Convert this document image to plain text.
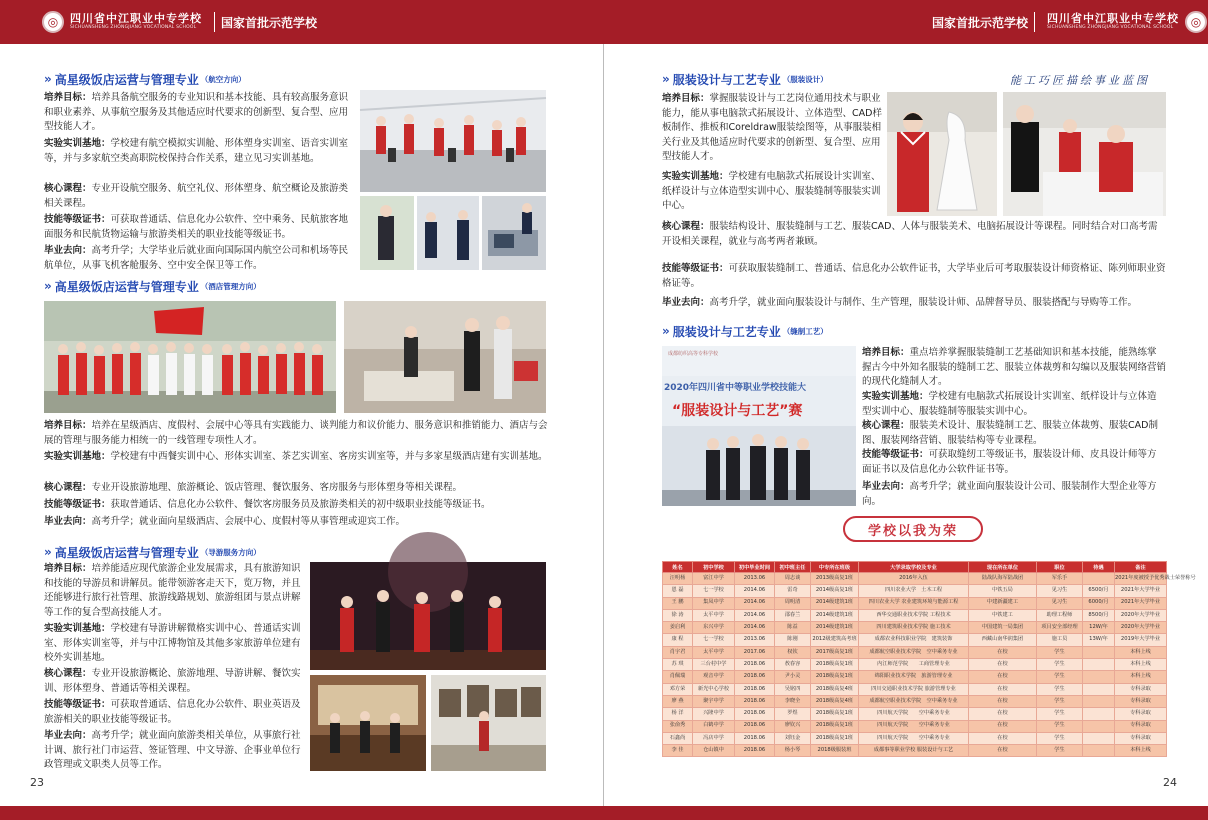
◎	四川省中江职业中专学校
SICHUANSHENG ZHONGJIANG VOCATIONAL SCHOOL	国家首批示范学校	国家首批示范学校 四川省中江职业中专学校
SICHUANSHENG ZHONGJIANG VOCATIONAL SCHOOL	◎
23	24
» 高星级饭店运营与管理专业 （航空方向）
培养目标：培养具备航空服务的专业知识和基本技能、具有较高服务意识和职业素养、从事航空服务及其他适应时代要求的创新型、复合型、应用型技能人才。
实验实训基地：学校建有航空模拟实训舱、形体塑身实训室、语音实训室等，并与多家航空类高职院校保持合作关系，建立见习实训基地。
核心课程：专业开设航空服务、航空礼仪、形体塑身、航空概论及旅游类相关课程。
技能等级证书：可获取普通话、信息化办公软件、空中乘务、民航旅客地面服务和民航货物运输与旅游类相关的职业技能等级证书。
毕业去向：高考升学；大学毕业后就业面向国际国内航空公司和机场等民航单位，从事飞机客舱服务、空中安全保卫等工作。
» 高星级饭店运营与管理专业 （酒店管理方向）
培养目标：培养在星级酒店、度假村、会展中心等具有实践能力、谈判能力和议价能力、服务意识和推销能力、酒店与会展的管理与服务能力相统一的一线管理专项性人才。
实验实训基地：学校建有中西餐实训中心、形体实训室、茶艺实训室、客房实训室等，并与多家星级酒店建有实训基地。
核心课程：专业开设旅游地理、旅游概论、饭店管理、餐饮服务、客房服务与形体塑身等相关课程。
技能等级证书：获取普通话、信息化办公软件、餐饮客房服务员及旅游类相关的初中级职业技能等级证书。
毕业去向：高考升学；就业面向星级酒店、会展中心、度假村等从事管理或迎宾工作。
» 高星级饭店运营与管理专业 （导游服务方向）
培养目标：培养能适应现代旅游企业发展需求，具有旅游知识和技能的导游员和讲解员。能带领游客走天下，览万物，并且还能够进行旅行社管理、旅游线路规划、旅游组团与景点讲解等工作的复合型高技能人才。
实验实训基地：学校建有导游讲解微格实训中心、普通话实训室、形体实训室等，并与中江博物馆及其他多家旅游单位建有校外实训基地。
核心课程：专业开设旅游概论、旅游地理、导游讲解、餐饮实训、形体塑身、普通话等相关课程。
技能等级证书：可获取普通话、信息化办公软件、职业英语及旅游相关的职业技能等级证书。
毕业去向：高考升学；就业面向旅游类相关单位，从事旅行社计调、旅行社门市运营、签证管理、中文导游、企事业单位行政管理或文职类人员等工作。
» 服装设计与工艺专业 （服装设计）	能工巧匠描绘事业蓝图
培养目标：掌握服装设计与工艺岗位通用技术与职业能力，能从事电脑款式拓展设计、立体造型、CAD样板制作、推板和Coreldraw服装绘图等，从事服装相关行业及其他适应时代要求的创新型、复合型、应用型技能人才。
实验实训基地：学校建有电脑款式拓展设计实训室、纸样设计与立体造型实训中心、服装缝制等服装实训中心。
核心课程：服装结构设计、服装缝制与工艺、服装CAD、人体与服装美术、电脑拓展设计等课程。同时结合对口高考需开设相关课程，就业与高考两者兼顾。
技能等级证书：可获取服装缝制工、普通话、信息化办公软件证书，大学毕业后可考取服装设计师资格证、陈列师职业资格证等。
毕业去向：高考升学，就业面向服装设计与制作、生产管理，服装设计师、品牌督导员、服装搭配与导购等工作。
» 服装设计与工艺专业 （缝制工艺）
成都纺织高等专科学校
2020年四川省中等职业学校技能大
“服装设计与工艺”赛
培养目标：重点培养掌握服装缝制工艺基础知识和基本技能，能熟练掌握古今中外知名服装的缝制工艺、服装立体裁剪和勾编以及服装网络营销的现代化缝制人才。
实验实训基地：学校建有电脑款式拓展设计实训室、纸样设计与立体造型实训中心、服装缝制等服装实训中心。
核心课程：服装美术设计、服装缝制工艺、服装立体裁剪、服装CAD制图、服装网络营销、服装结构等专业课程。
技能等级证书：可获取缝纫工等级证书，服装设计师、皮具设计师等方面证书以及信息化办公软件证书等。
毕业去向：高考升学；就业面向服装设计公司、服装制作大型企业等方向。
学校以我为荣
姓名	初中学校	初中毕业时间	初中班主任	中专所在班级	大学录取学校及专业	现在所在单位	职位	待遇	备注
汪明杨	富江中学	2013.06	周志谈	2013级高复1班	2016年入伍	陆战队海军陆战团	军乐手		2021年度被授予优秀战士荣誉称号
恩 磊	七一学校	2014.06	雷奇	2014级高复1班	四川农业大学　土木工程	中铁五局	见习生	6500/月	2021年大学毕业
王 鹏	集凤中学	2014.06	周明清	2014级建筑1班	四川农业大学 农业建筑环境与能源工程	中建新疆建工	见习生	6000/月	2021年大学毕业
徐 涛	太平中学	2014.06	邵春兰	2014级建筑1班	西华交通职业技术学院 工程技术	中铁建工	助理工程师	8500/月	2020年大学毕业
姜启利	东兴中学	2014.06	陈益	2014级建筑1班	四川建筑职业技术学院 施工技术	中国建筑一局集团	项目安全部经理	12W/年	2020年大学毕业
康 程	七一学校	2013.06	陈刚	2012级建筑高考班	成都农业科技职业学院　建筑装饰	西藏山南华润集团	施工员	13W/年	2019年大学毕业
肖宇君	太平中学	2017.06	权钦	2017级高复1班	成都航空职业技术学院　空中乘务专业	在校	学生		本科上线
苏 琪	三台村中学	2018.06	敖春容	2018级高复1班	内江师范学院　　工商管理专业	在校	学生		本科上线
肖佩瑞	观音中学	2018.06	尹小灵	2018级高复1班	绵阳职业技术学院　旅游管理专业	在校	学生		本科上线
邓方荣	新光中心学校	2018.06	吴铭四	2018级高复4班	四川交通职业技术学院 旅游管理专业	在校	学生		专科录取
廖 燕	聚宇中学	2018.06	李晓全	2018级高复4班	成都航空职业技术学院　空中乘务专业	在校	学生		专科录取
杨 洋	兴隆中学	2018.06	罗煜	2018级高复1班	四川航天学院　　空中乘务专业	在校	学生		专科录取
张俞秀	白鹤中学	2018.06	廖钦兴	2018级高复1班	四川航天学院　　空中乘务专业	在校	学生		专科录取
石鑫尚	冯店中学	2018.06	刘钰金	2018级高复1班	四川航天学院　　空中乘务专业	在校	学生		专科录取
李 佳	仓山镇中	2018.06	杨小琴	2018级服装班	成都事等职业学校 服装设计与工艺	在校	学生		本科上线
